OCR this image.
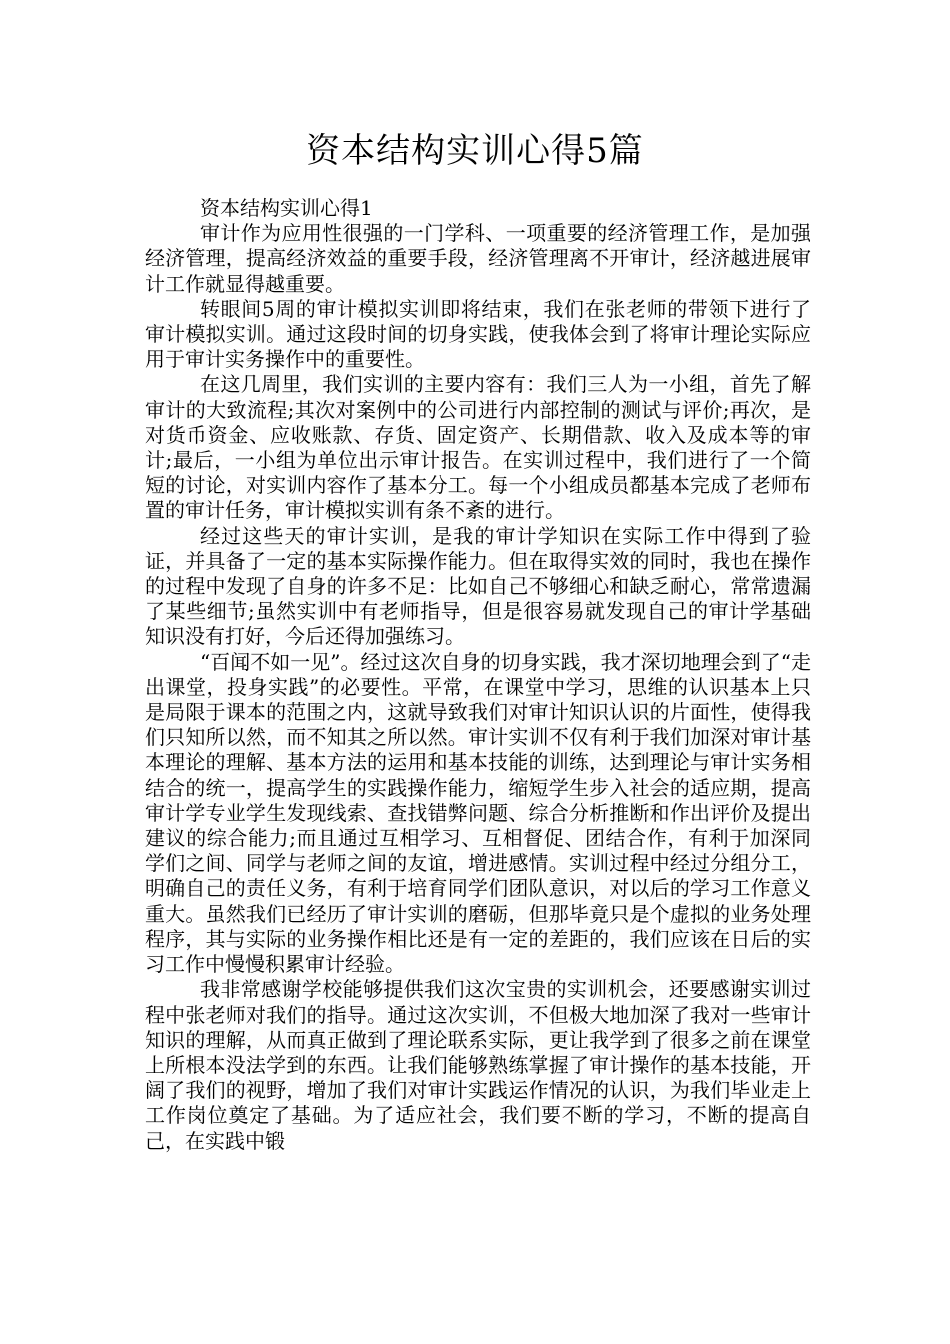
资本结构实训心得5篇

资本结构实训心得1

审计作为应用性很强的一门学科、一项重要的经济管理工作，是加强经济管理，提高经济效益的重要手段，经济管理离不开审计，经济越进展审计工作就显得越重要。

转眼间5周的审计模拟实训即将结束，我们在张老师的带领下进行了审计模拟实训。通过这段时间的切身实践，使我体会到了将审计理论实际应用于审计实务操作中的重要性。

在这几周里，我们实训的主要内容有：我们三人为一小组，首先了解审计的大致流程;其次对案例中的公司进行内部控制的测试与评价;再次，是对货币资金、应收账款、存货、固定资产、长期借款、收入及成本等的审计;最后，一小组为单位出示审计报告。在实训过程中，我们进行了一个简短的讨论，对实训内容作了基本分工。每一个小组成员都基本完成了老师布置的审计任务，审计模拟实训有条不紊的进行。

经过这些天的审计实训，是我的审计学知识在实际工作中得到了验证，并具备了一定的基本实际操作能力。但在取得实效的同时，我也在操作的过程中发现了自身的许多不足：比如自己不够细心和缺乏耐心，常常遗漏了某些细节;虽然实训中有老师指导，但是很容易就发现自己的审计学基础知识没有打好，今后还得加强练习。

“百闻不如一见”。经过这次自身的切身实践，我才深切地理会到了“走出课堂，投身实践”的必要性。平常，在课堂中学习，思维的认识基本上只是局限于课本的范围之内，这就导致我们对审计知识认识的片面性，使得我们只知所以然，而不知其之所以然。审计实训不仅有利于我们加深对审计基本理论的理解、基本方法的运用和基本技能的训练，达到理论与审计实务相结合的统一，提高学生的实践操作能力，缩短学生步入社会的适应期，提高审计学专业学生发现线索、查找错弊问题、综合分析推断和作出评价及提出建议的综合能力;而且通过互相学习、互相督促、团结合作，有利于加深同学们之间、同学与老师之间的友谊，增进感情。实训过程中经过分组分工，明确自己的责任义务，有利于培育同学们团队意识，对以后的学习工作意义重大。虽然我们已经历了审计实训的磨砺，但那毕竟只是个虚拟的业务处理程序，其与实际的业务操作相比还是有一定的差距的，我们应该在日后的实习工作中慢慢积累审计经验。

我非常感谢学校能够提供我们这次宝贵的实训机会，还要感谢实训过程中张老师对我们的指导。通过这次实训，不但极大地加深了我对一些审计知识的理解，从而真正做到了理论联系实际，更让我学到了很多之前在课堂上所根本没法学到的东西。让我们能够熟练掌握了审计操作的基本技能，开阔了我们的视野，增加了我们对审计实践运作情况的认识，为我们毕业走上工作岗位奠定了基础。为了适应社会，我们要不断的学习，不断的提高自己，在实践中锻
